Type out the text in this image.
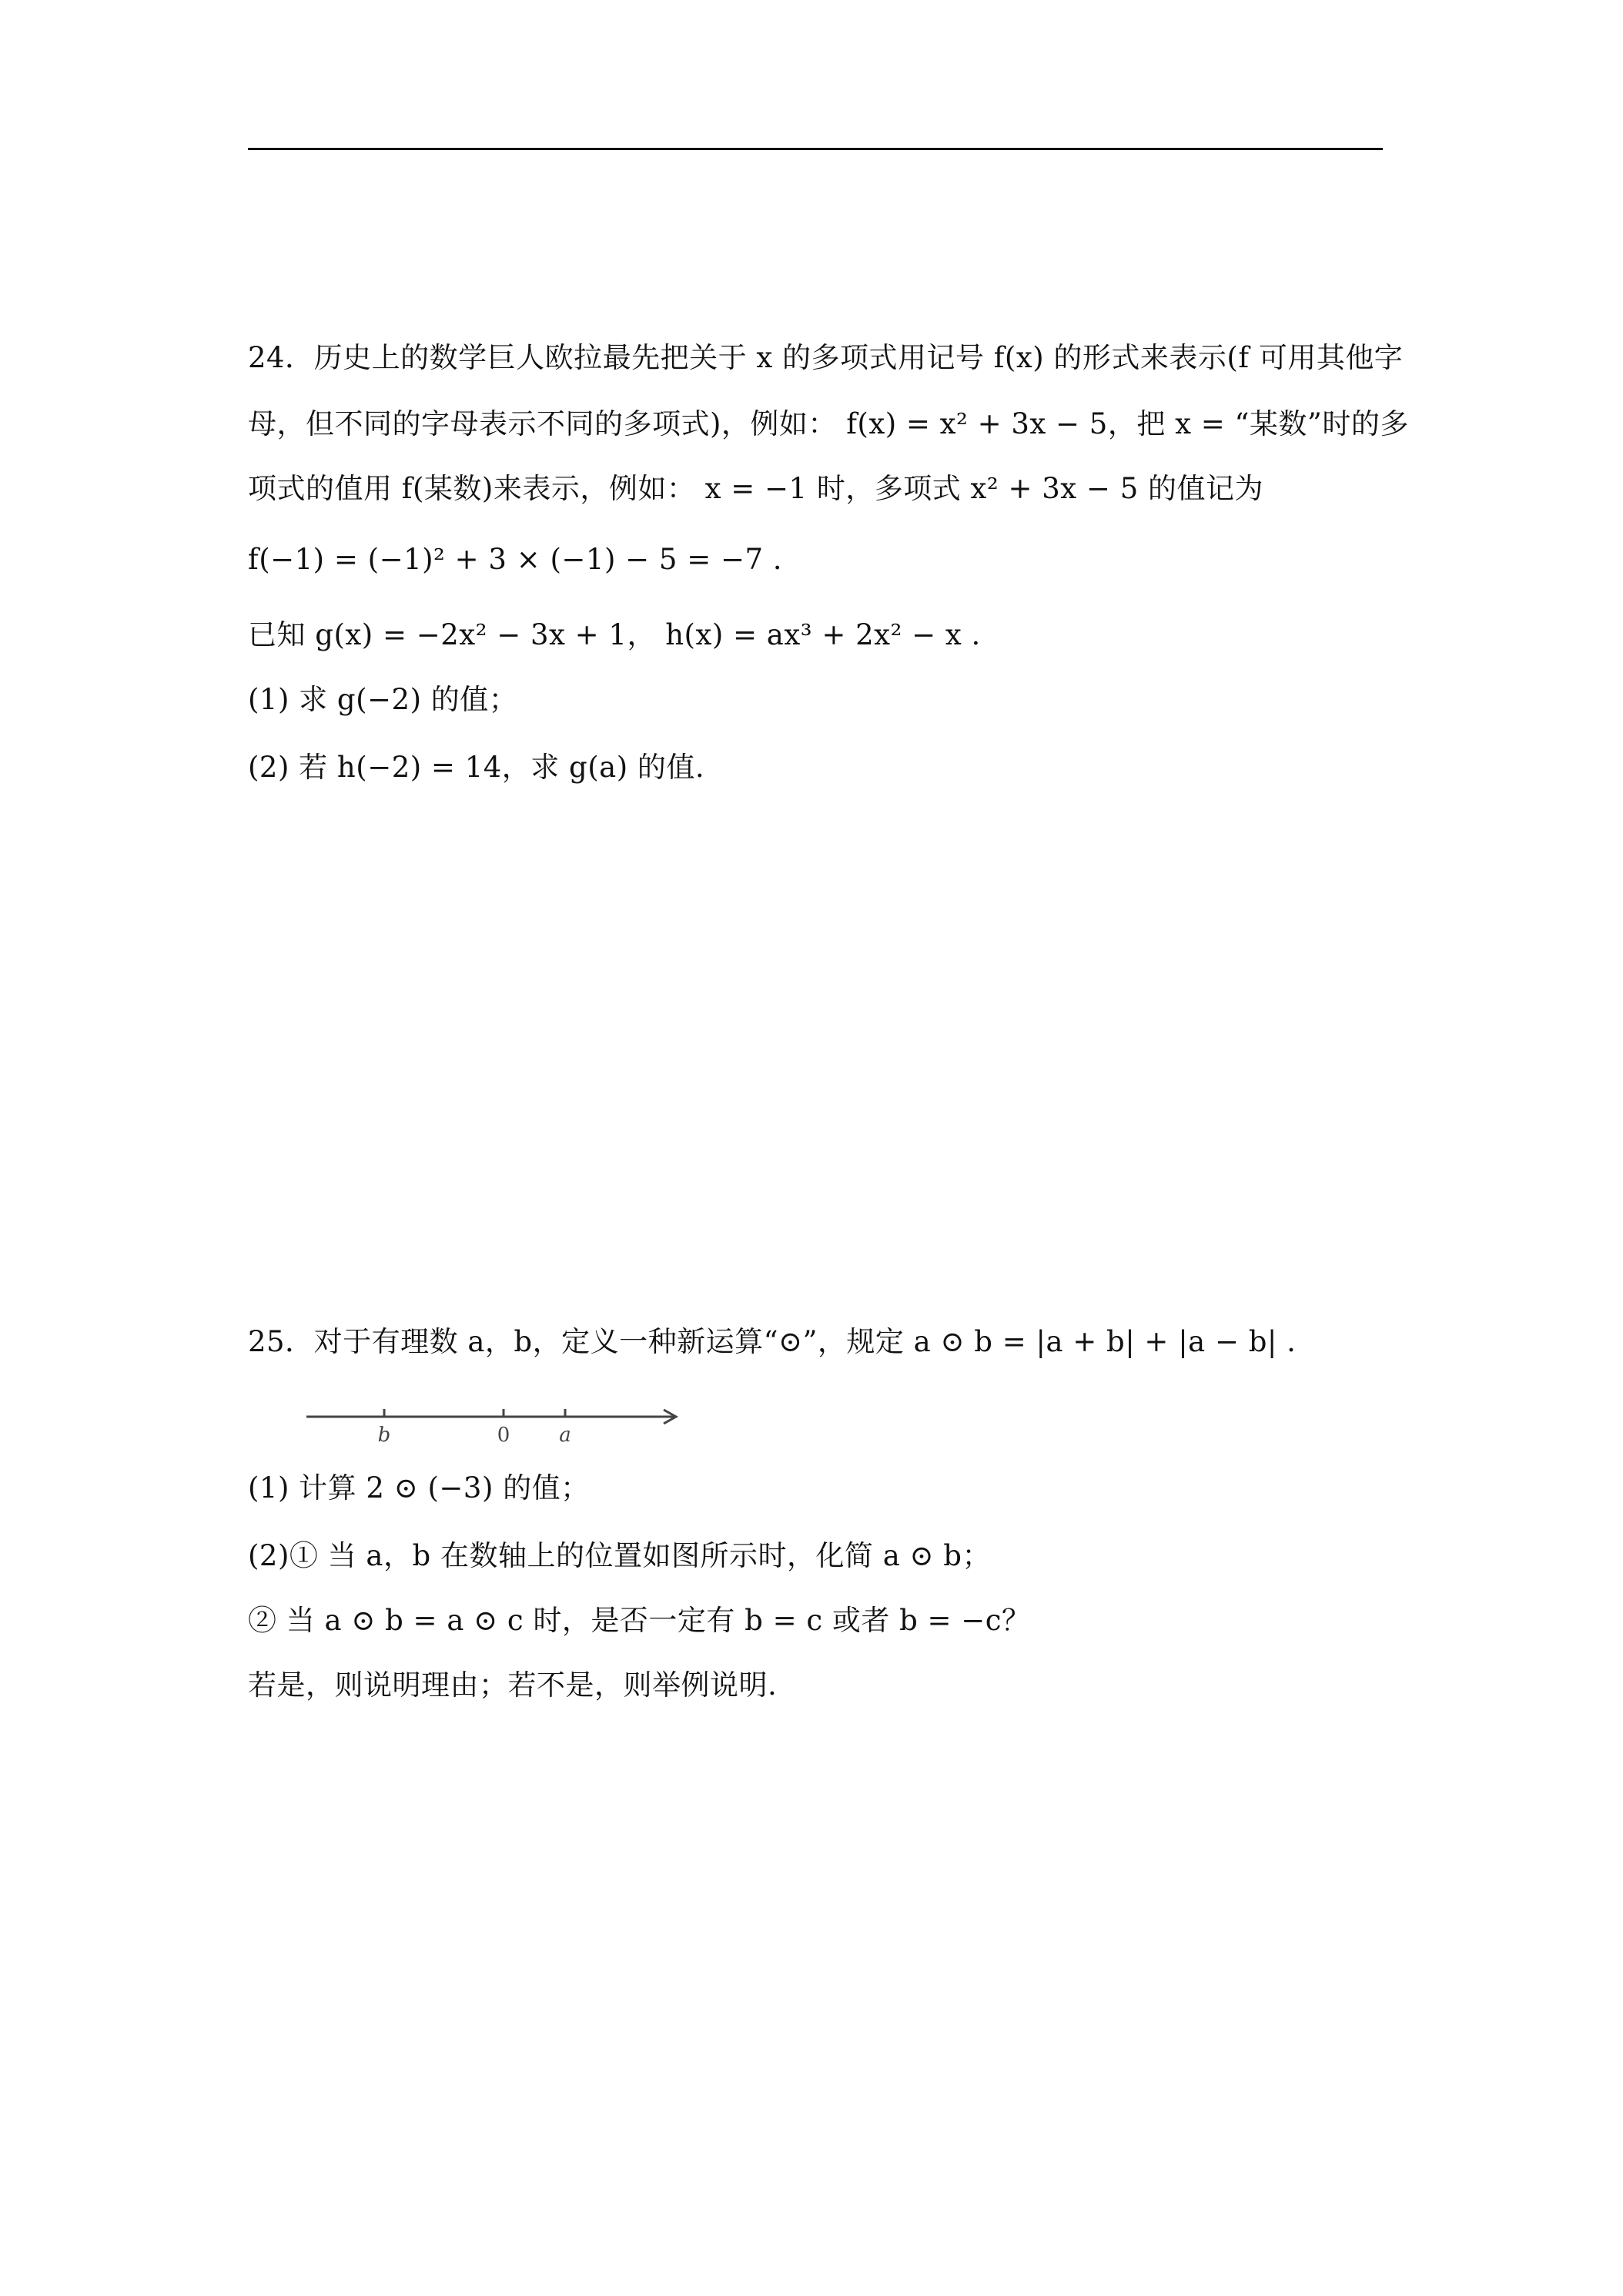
24．历史上的数学巨人欧拉最先把关于 x 的多项式用记号 f(x) 的形式来表示(f 可用其他字
母，但不同的字母表示不同的多项式)，例如： f(x) = x² + 3x − 5，把 x = “某数”时的多
项式的值用 f(某数)来表示，例如： x = −1 时，多项式 x² + 3x − 5 的值记为
f(−1) = (−1)² + 3 × (−1) − 5 = −7 .
已知 g(x) = −2x² − 3x + 1， h(x) = ax³ + 2x² − x .
(1) 求 g(−2) 的值；
(2) 若 h(−2) = 14，求 g(a) 的值.
25．对于有理数 a，b，定义一种新运算“⊙”，规定 a ⊙ b = |a + b| + |a − b| .
b	0 a
(1) 计算 2 ⊙ (−3) 的值；
(2)① 当 a，b 在数轴上的位置如图所示时，化简 a ⊙ b；
② 当 a ⊙ b = a ⊙ c 时，是否一定有 b = c 或者 b = −c？
若是，则说明理由；若不是，则举例说明.
